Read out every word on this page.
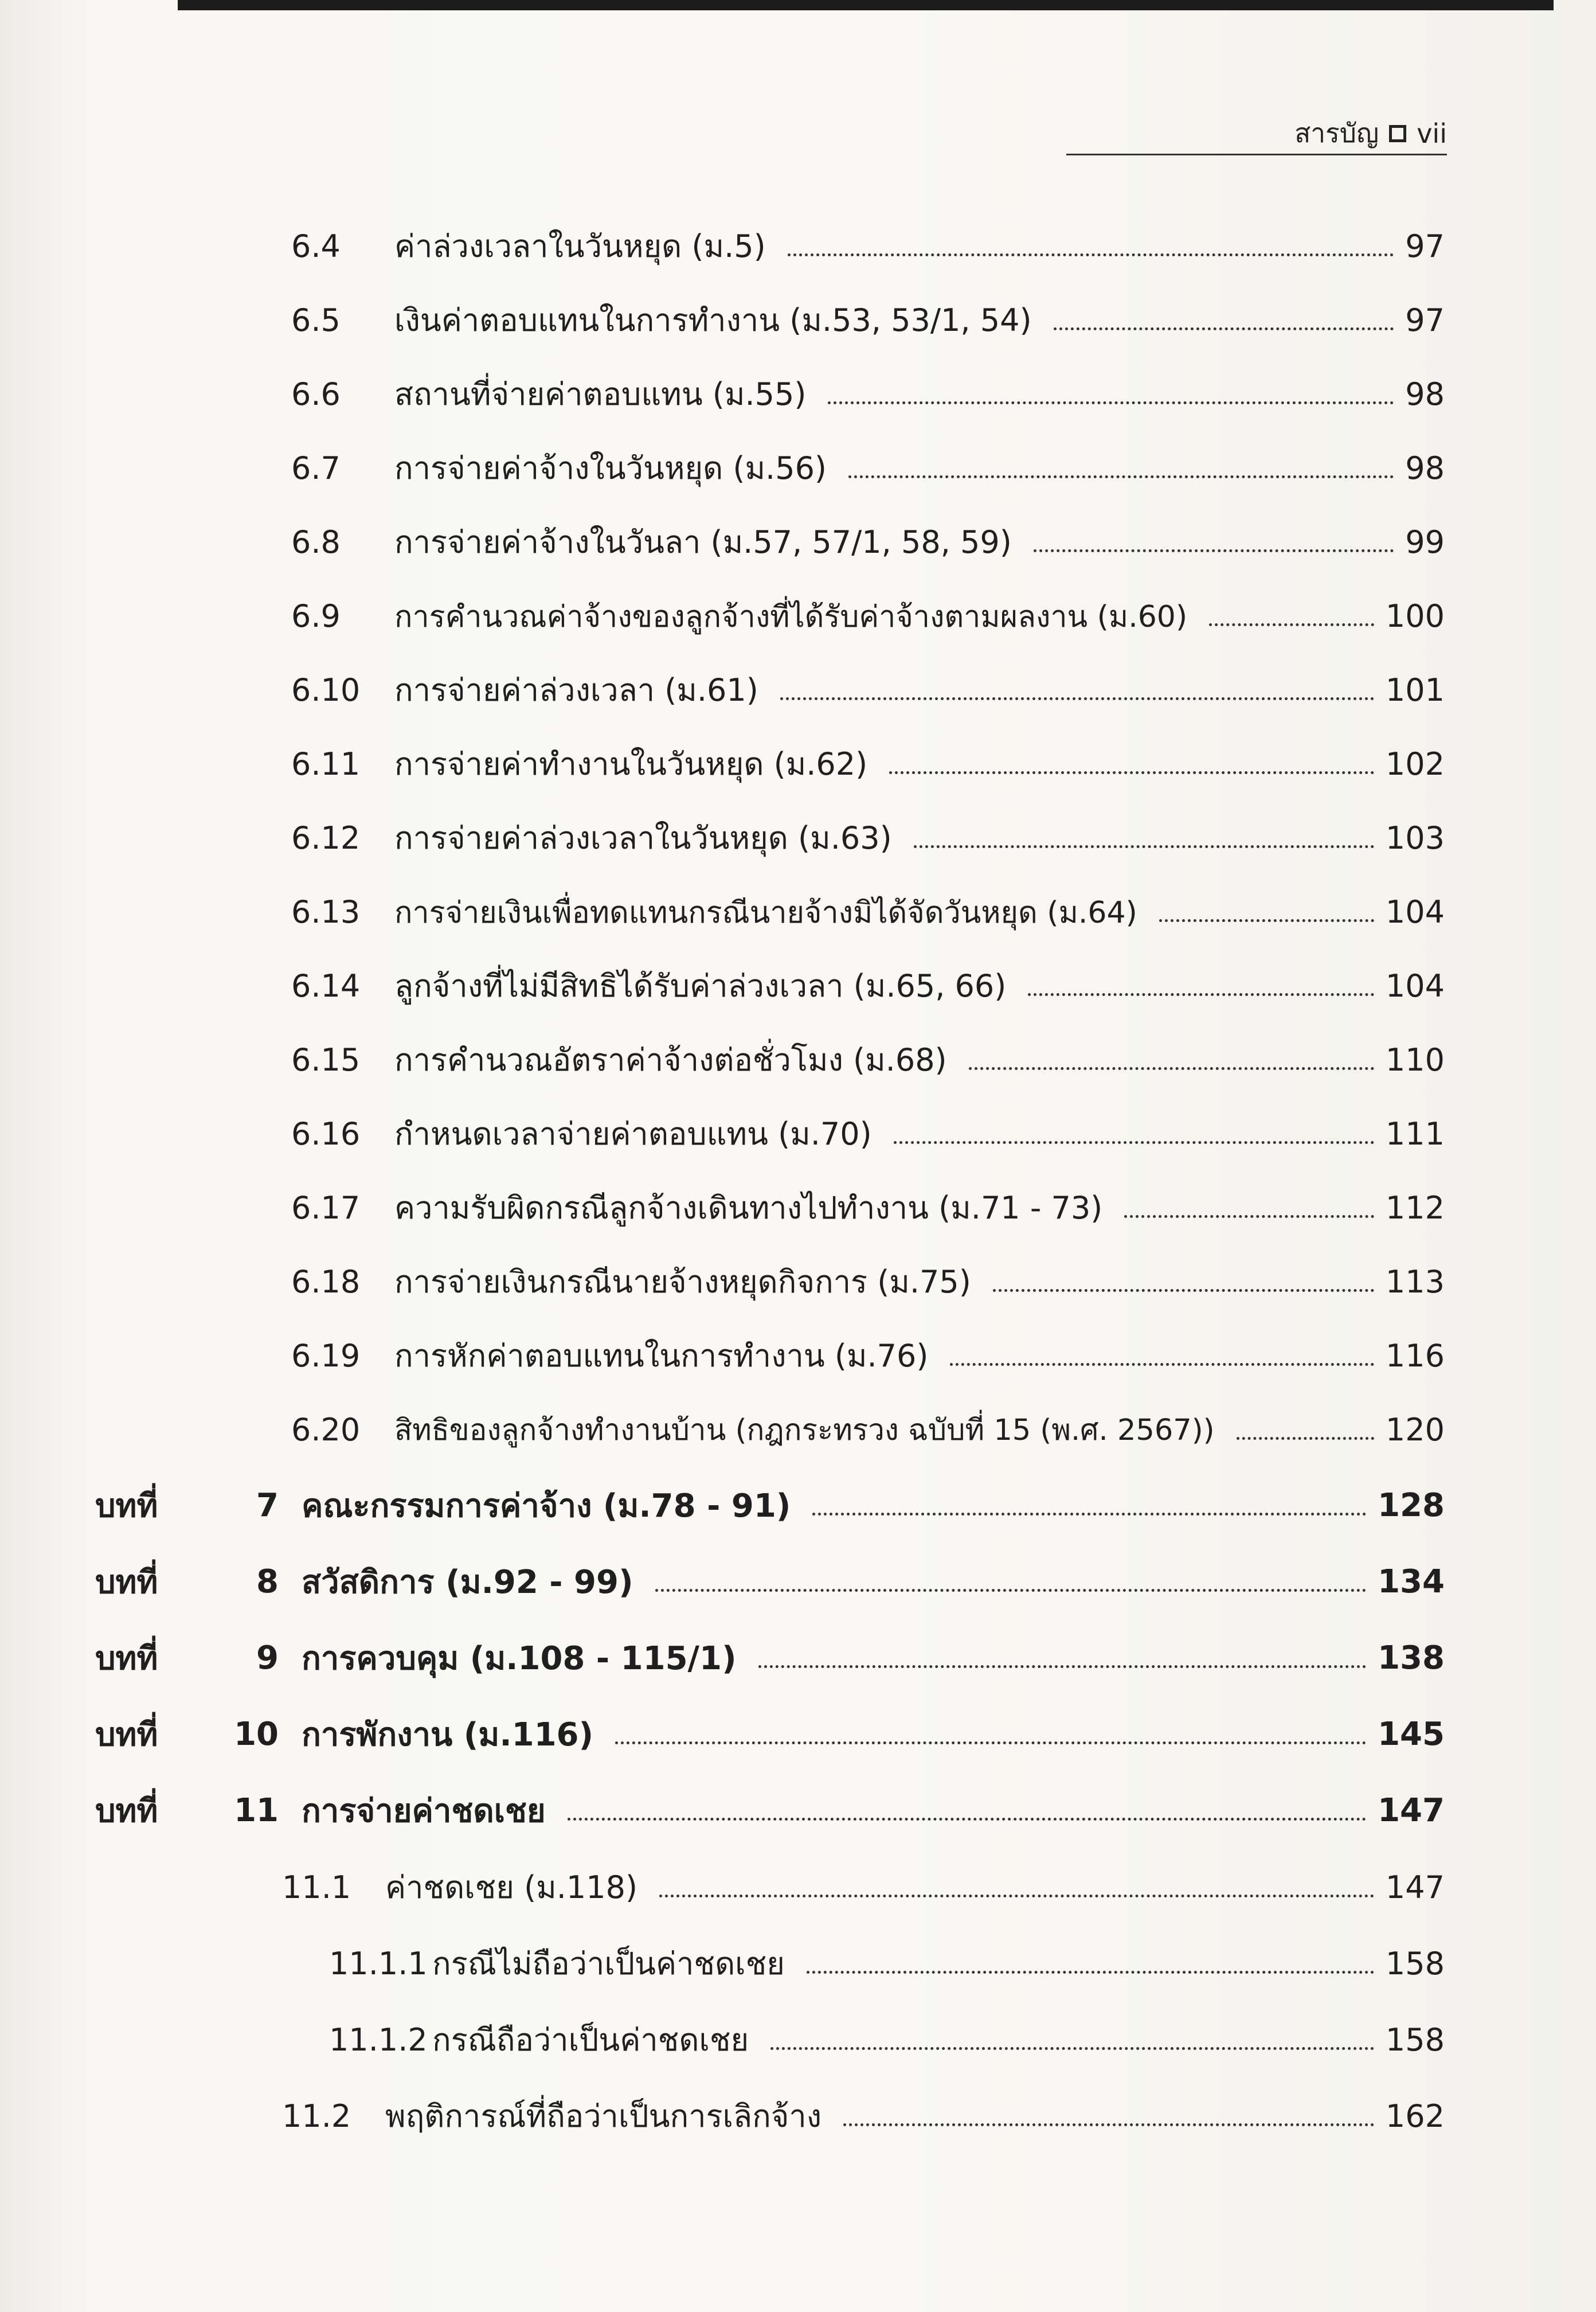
สารบัญ vii
6.4	ค่าล่วงเวลาในวันหยุด (ม.5)	97
6.5	เงินค่าตอบแทนในการทำงาน (ม.53, 53/1, 54)	97
6.6	สถานที่จ่ายค่าตอบแทน (ม.55)	98
6.7	การจ่ายค่าจ้างในวันหยุด (ม.56)	98
6.8	การจ่ายค่าจ้างในวันลา (ม.57, 57/1, 58, 59)	99
6.9	การคำนวณค่าจ้างของลูกจ้างที่ได้รับค่าจ้างตามผลงาน (ม.60)	100
6.10	การจ่ายค่าล่วงเวลา (ม.61)	101
6.11	การจ่ายค่าทำงานในวันหยุด (ม.62)	102
6.12	การจ่ายค่าล่วงเวลาในวันหยุด (ม.63)	103
6.13	การจ่ายเงินเพื่อทดแทนกรณีนายจ้างมิได้จัดวันหยุด (ม.64)	104
6.14	ลูกจ้างที่ไม่มีสิทธิได้รับค่าล่วงเวลา (ม.65, 66)	104
6.15	การคำนวณอัตราค่าจ้างต่อชั่วโมง (ม.68)	110
6.16	กำหนดเวลาจ่ายค่าตอบแทน (ม.70)	111
6.17	ความรับผิดกรณีลูกจ้างเดินทางไปทำงาน (ม.71 - 73)	112
6.18	การจ่ายเงินกรณีนายจ้างหยุดกิจการ (ม.75)	113
6.19	การหักค่าตอบแทนในการทำงาน (ม.76)	116
6.20	สิทธิของลูกจ้างทำงานบ้าน (กฎกระทรวง ฉบับที่ 15 (พ.ศ. 2567))	120
บทที่	7 คณะกรรมการค่าจ้าง (ม.78 - 91)	128
บทที่	8 สวัสดิการ (ม.92 - 99)	134
บทที่	9 การควบคุม (ม.108 - 115/1)	138
บทที่	10 การพักงาน (ม.116)	145
บทที่	11 การจ่ายค่าชดเชย	147
11.1	ค่าชดเชย (ม.118)	147
11.1.1 กรณีไม่ถือว่าเป็นค่าชดเชย	158
11.1.2 กรณีถือว่าเป็นค่าชดเชย	158
11.2	พฤติการณ์ที่ถือว่าเป็นการเลิกจ้าง	162
